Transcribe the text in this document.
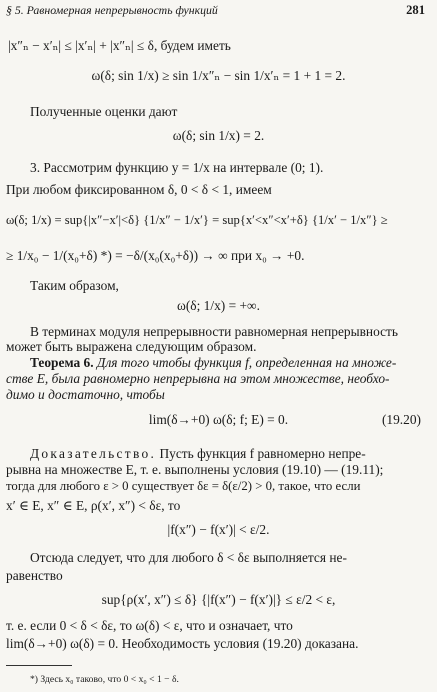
§ 5. Равномерная непрерывность функций	281
|x″ₙ − x′ₙ| ≤ |x′ₙ| + |x″ₙ| ≤ δ, будем иметь
ω(δ; sin 1/x) ≥ sin 1/x″ₙ − sin 1/x′ₙ = 1 + 1 = 2.
Полученные оценки дают
ω(δ; sin 1/x) = 2.
3. Рассмотрим функцию y = 1/x на интервале (0; 1).
При любом фиксированном δ, 0 < δ < 1, имеем
ω(δ; 1/x) = sup{|x″−x′|<δ} {1/x″ − 1/x′} = sup{x′<x″<x′+δ} {1/x′ − 1/x″} ≥
≥ 1/x₀ − 1/(x₀+δ) *) = −δ/(x₀(x₀+δ)) → ∞ при x₀ → +0.
Таким образом,
ω(δ; 1/x) = +∞.
В терминах модуля непрерывности равномерная непрерывность
может быть выражена следующим образом.
Теорема 6. Для того чтобы функция f, определенная на множе-
стве E, была равномерно непрерывна на этом множестве, необхо-
димо и достаточно, чтобы
lim(δ→+0) ω(δ; f; E) = 0.	(19.20)
Доказательство. Пусть функция f равномерно непре-
рывна на множестве E, т. е. выполнены условия (19.10) — (19.11);
тогда для любого ε > 0 существует δε = δ(ε/2) > 0, такое, что если
x′ ∈ E, x″ ∈ E, ρ(x′, x″) < δε, то
|f(x″) − f(x′)| < ε/2.
Отсюда следует, что для любого δ < δε выполняется не-
равенство
sup{ρ(x′, x″) ≤ δ} {|f(x″) − f(x′)|} ≤ ε/2 < ε,
т. е. если 0 < δ < δε, то ω(δ) < ε, что и означает, что
lim(δ→+0) ω(δ) = 0. Необходимость условия (19.20) доказана.
*) Здесь x₀ таково, что 0 < x₀ < 1 − δ.
